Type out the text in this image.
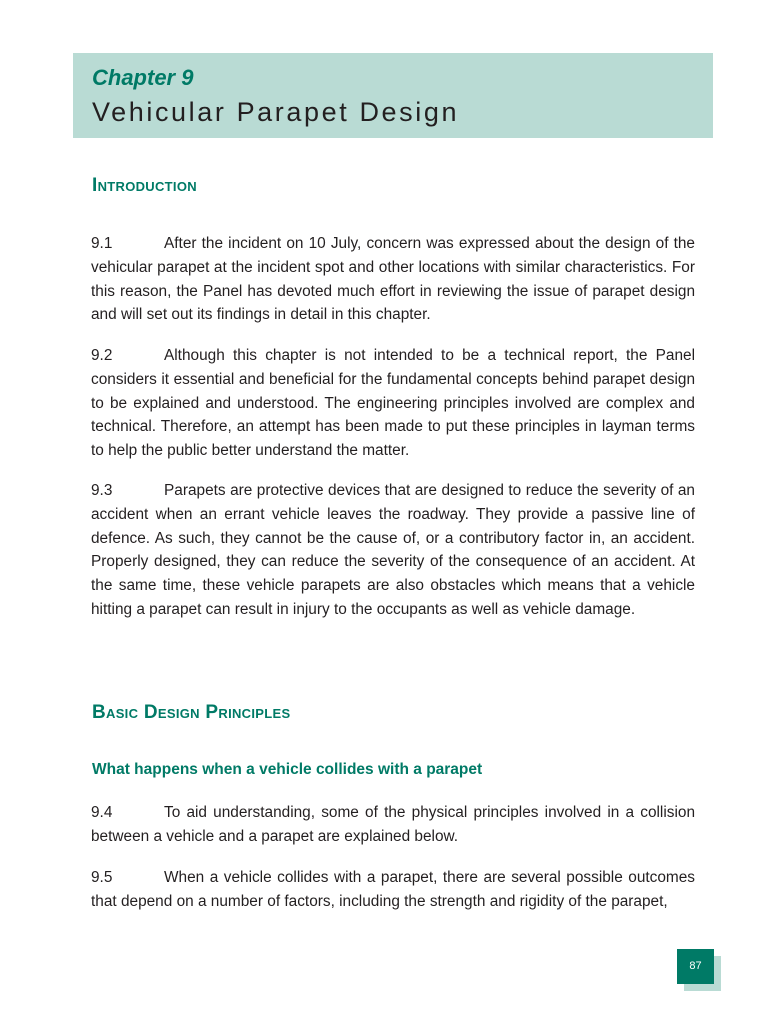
Chapter 9
Vehicular Parapet Design
Introduction
9.1	After the incident on 10 July, concern was expressed about the design of the vehicular parapet at the incident spot and other locations with similar characteristics. For this reason, the Panel has devoted much effort in reviewing the issue of parapet design and will set out its findings in detail in this chapter.
9.2	Although this chapter is not intended to be a technical report, the Panel considers it essential and beneficial for the fundamental concepts behind parapet design to be explained and understood. The engineering principles involved are complex and technical. Therefore, an attempt has been made to put these principles in layman terms to help the public better understand the matter.
9.3	Parapets are protective devices that are designed to reduce the severity of an accident when an errant vehicle leaves the roadway. They provide a passive line of defence. As such, they cannot be the cause of, or a contributory factor in, an accident. Properly designed, they can reduce the severity of the consequence of an accident. At the same time, these vehicle parapets are also obstacles which means that a vehicle hitting a parapet can result in injury to the occupants as well as vehicle damage.
Basic Design Principles
What happens when a vehicle collides with a parapet
9.4	To aid understanding, some of the physical principles involved in a collision between a vehicle and a parapet are explained below.
9.5	When a vehicle collides with a parapet, there are several possible outcomes that depend on a number of factors, including the strength and rigidity of the parapet,
87
